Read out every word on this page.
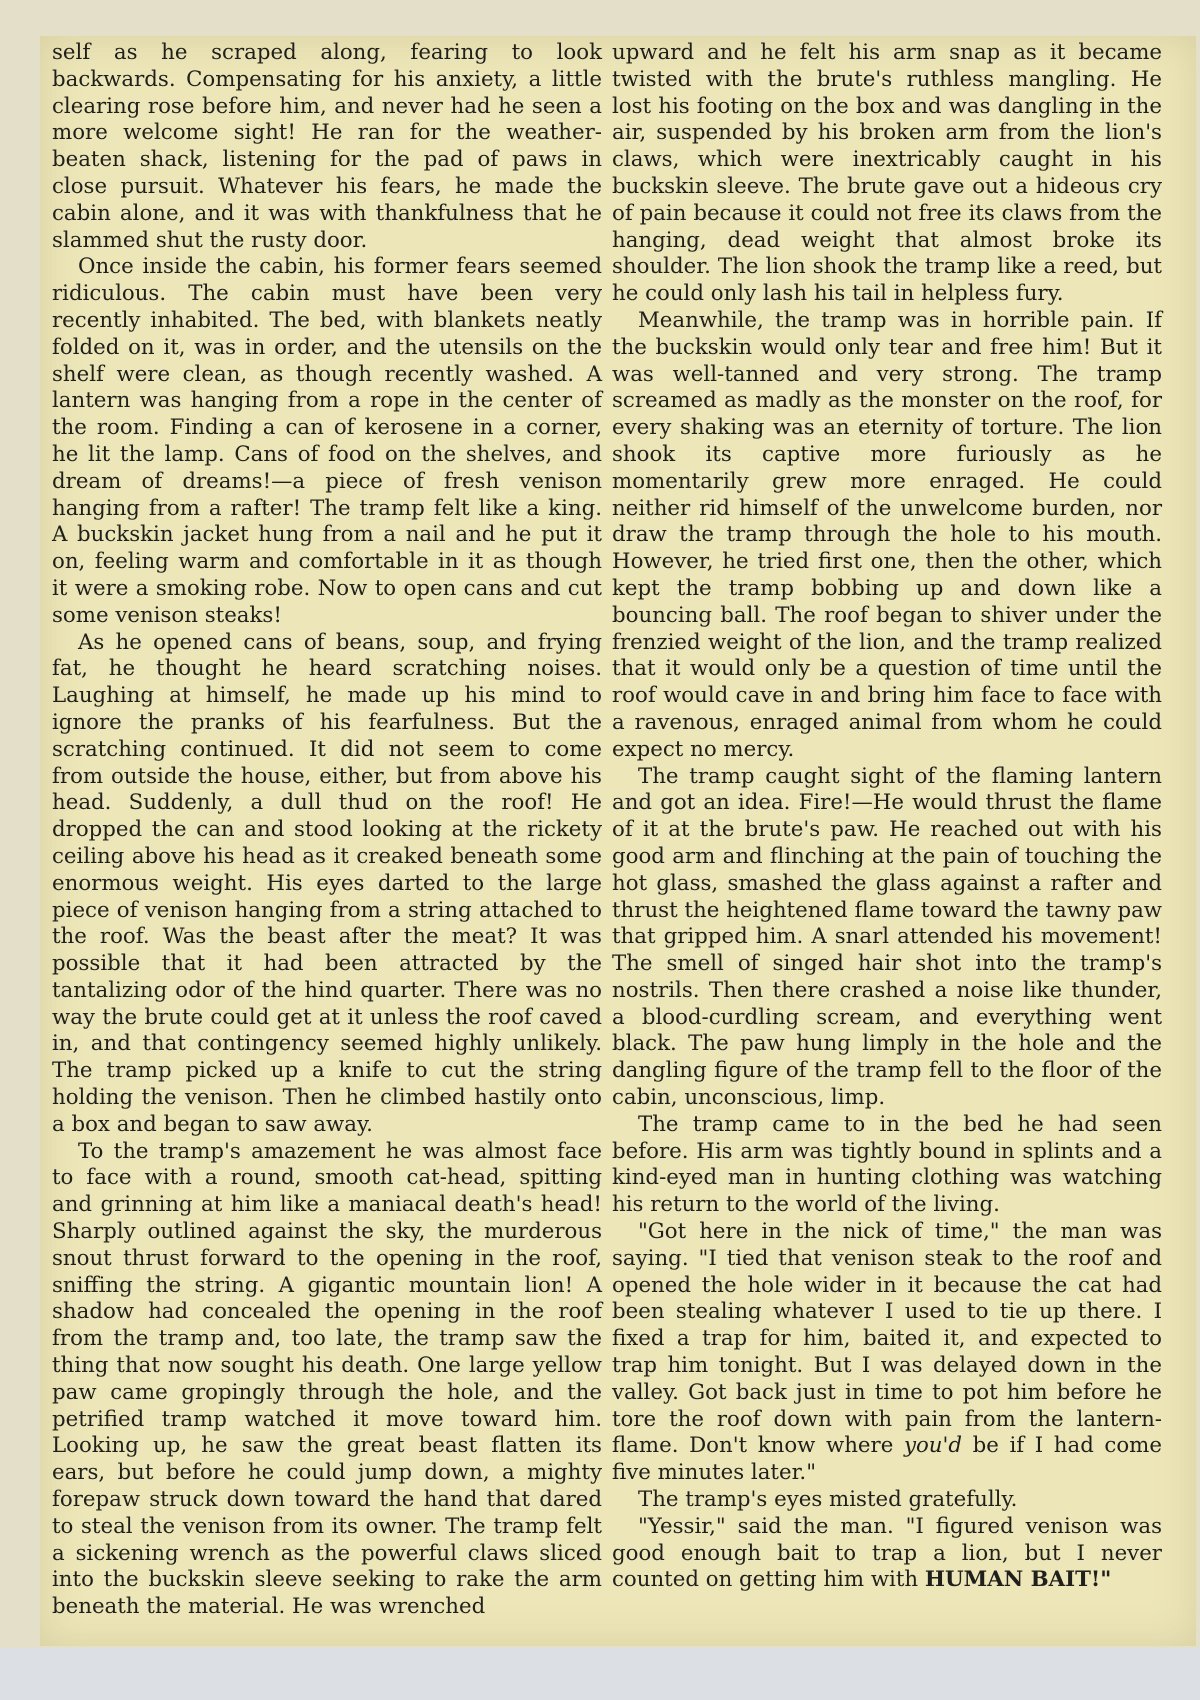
self as he scraped along, fearing to look backwards. Compensating for his anxiety, a little clearing rose before him, and never had he seen a more welcome sight! He ran for the weather-beaten shack, listening for the pad of paws in close pursuit. Whatever his fears, he made the cabin alone, and it was with thankfulness that he slammed shut the rusty door.

Once inside the cabin, his former fears seemed ridiculous. The cabin must have been very recently inhabited. The bed, with blankets neatly folded on it, was in order, and the utensils on the shelf were clean, as though recently washed. A lantern was hanging from a rope in the center of the room. Finding a can of kerosene in a corner, he lit the lamp. Cans of food on the shelves, and dream of dreams!—a piece of fresh venison hanging from a rafter! The tramp felt like a king. A buckskin jacket hung from a nail and he put it on, feeling warm and comfortable in it as though it were a smoking robe. Now to open cans and cut some venison steaks!

As he opened cans of beans, soup, and frying fat, he thought he heard scratching noises. Laughing at himself, he made up his mind to ignore the pranks of his fearfulness. But the scratching continued. It did not seem to come from outside the house, either, but from above his head. Suddenly, a dull thud on the roof! He dropped the can and stood looking at the rickety ceiling above his head as it creaked beneath some enormous weight. His eyes darted to the large piece of venison hanging from a string attached to the roof. Was the beast after the meat? It was possible that it had been attracted by the tantalizing odor of the hind quarter. There was no way the brute could get at it unless the roof caved in, and that contingency seemed highly unlikely. The tramp picked up a knife to cut the string holding the venison. Then he climbed hastily onto a box and began to saw away.

To the tramp's amazement he was almost face to face with a round, smooth cat-head, spitting and grinning at him like a maniacal death's head! Sharply outlined against the sky, the murderous snout thrust forward to the opening in the roof, sniffing the string. A gigantic mountain lion! A shadow had concealed the opening in the roof from the tramp and, too late, the tramp saw the thing that now sought his death. One large yellow paw came gropingly through the hole, and the petrified tramp watched it move toward him. Looking up, he saw the great beast flatten its ears, but before he could jump down, a mighty forepaw struck down toward the hand that dared to steal the venison from its owner. The tramp felt a sickening wrench as the powerful claws sliced into the buckskin sleeve seeking to rake the arm beneath the material. He was wrenched

upward and he felt his arm snap as it became twisted with the brute's ruthless mangling. He lost his footing on the box and was dangling in the air, suspended by his broken arm from the lion's claws, which were inextricably caught in his buckskin sleeve. The brute gave out a hideous cry of pain because it could not free its claws from the hanging, dead weight that almost broke its shoulder. The lion shook the tramp like a reed, but he could only lash his tail in helpless fury.

Meanwhile, the tramp was in horrible pain. If the buckskin would only tear and free him! But it was well-tanned and very strong. The tramp screamed as madly as the monster on the roof, for every shaking was an eternity of torture. The lion shook its captive more furiously as he momentarily grew more enraged. He could neither rid himself of the unwelcome burden, nor draw the tramp through the hole to his mouth. However, he tried first one, then the other, which kept the tramp bobbing up and down like a bouncing ball. The roof began to shiver under the frenzied weight of the lion, and the tramp realized that it would only be a question of time until the roof would cave in and bring him face to face with a ravenous, enraged animal from whom he could expect no mercy.

The tramp caught sight of the flaming lantern and got an idea. Fire!—He would thrust the flame of it at the brute's paw. He reached out with his good arm and flinching at the pain of touching the hot glass, smashed the glass against a rafter and thrust the heightened flame toward the tawny paw that gripped him. A snarl attended his movement! The smell of singed hair shot into the tramp's nostrils. Then there crashed a noise like thunder, a blood-curdling scream, and everything went black. The paw hung limply in the hole and the dangling figure of the tramp fell to the floor of the cabin, unconscious, limp.

The tramp came to in the bed he had seen before. His arm was tightly bound in splints and a kind-eyed man in hunting clothing was watching his return to the world of the living.

"Got here in the nick of time," the man was saying. "I tied that venison steak to the roof and opened the hole wider in it because the cat had been stealing whatever I used to tie up there. I fixed a trap for him, baited it, and expected to trap him tonight. But I was delayed down in the valley. Got back just in time to pot him before he tore the roof down with pain from the lantern-flame. Don't know where you'd be if I had come five minutes later."

The tramp's eyes misted gratefully.

"Yessir," said the man. "I figured venison was good enough bait to trap a lion, but I never counted on getting him with HUMAN BAIT!"
